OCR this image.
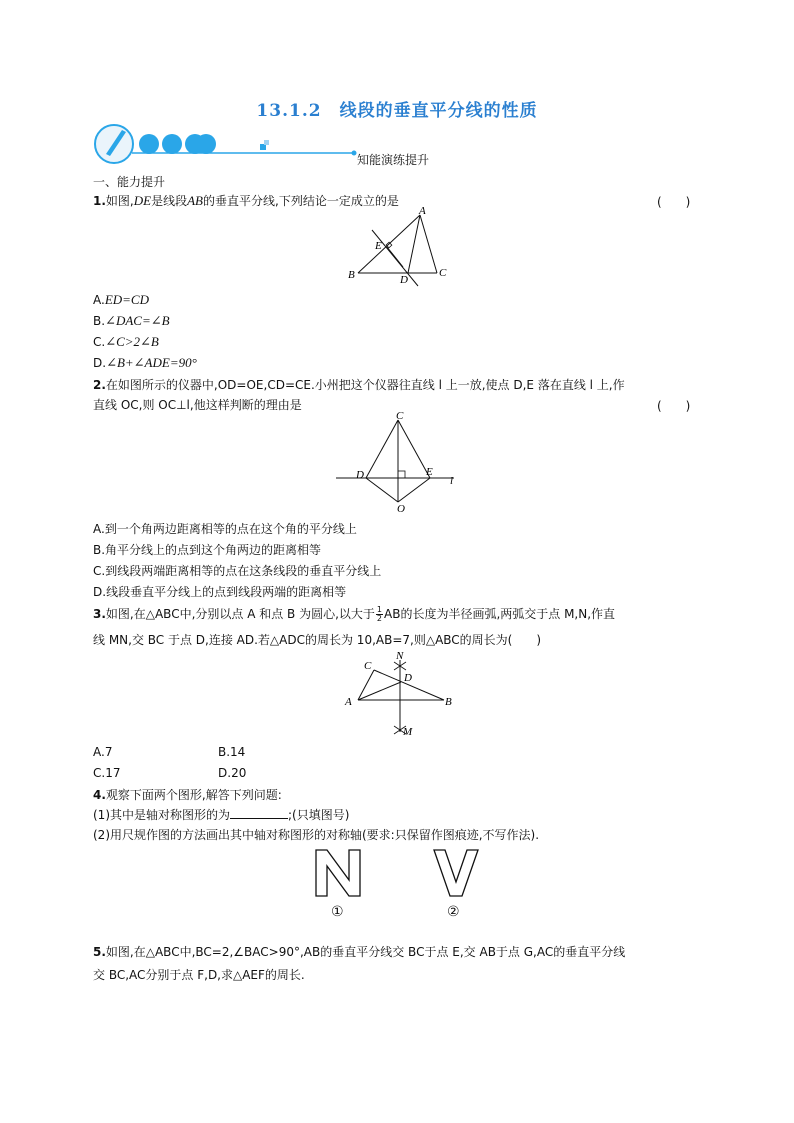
13.1.2　线段的垂直平分线的性质
知能演练提升
一、能力提升
1.如图,DE是线段AB的垂直平分线,下列结论一定成立的是	(　　)
A
E
B	D
C
A.ED=CD
B.∠DAC=∠B
C.∠C>2∠B
D.∠B+∠ADE=90°
2.在如图所示的仪器中,OD=OE,CD=CE.小州把这个仪器往直线 l 上一放,使点 D,E 落在直线 l 上,作
直线 OC,则 OC⊥l,他这样判断的理由是	(　　)
C
D	E
l
O
A.到一个角两边距离相等的点在这个角的平分线上
B.角平分线上的点到这个角两边的距离相等
C.到线段两端距离相等的点在这条线段的垂直平分线上
D.线段垂直平分线上的点到线段两端的距离相等
3.如图,在△ABC中,分别以点 A 和点 B 为圆心,以大于 $\frac{1}{2}$ AB的长度为半径画弧,两弧交于点 M,N,作直
线 MN,交 BC 于点 D,连接 AD.若△ADC的周长为 10,AB=7,则△ABC的周长为(　　)
N
C
D
A	B
M
A.7	B.14
C.17	D.20
4.观察下面两个图形,解答下列问题:
(1)其中是轴对称图形的为	;(只填图号)
(2)用尺规作图的方法画出其中轴对称图形的对称轴(要求:只保留作图痕迹,不写作法).
①	②
5.如图,在△ABC中,BC=2,∠BAC>90°,AB的垂直平分线交 BC于点 E,交 AB于点 G,AC的垂直平分线
交 BC,AC分别于点 F,D,求△AEF的周长.
